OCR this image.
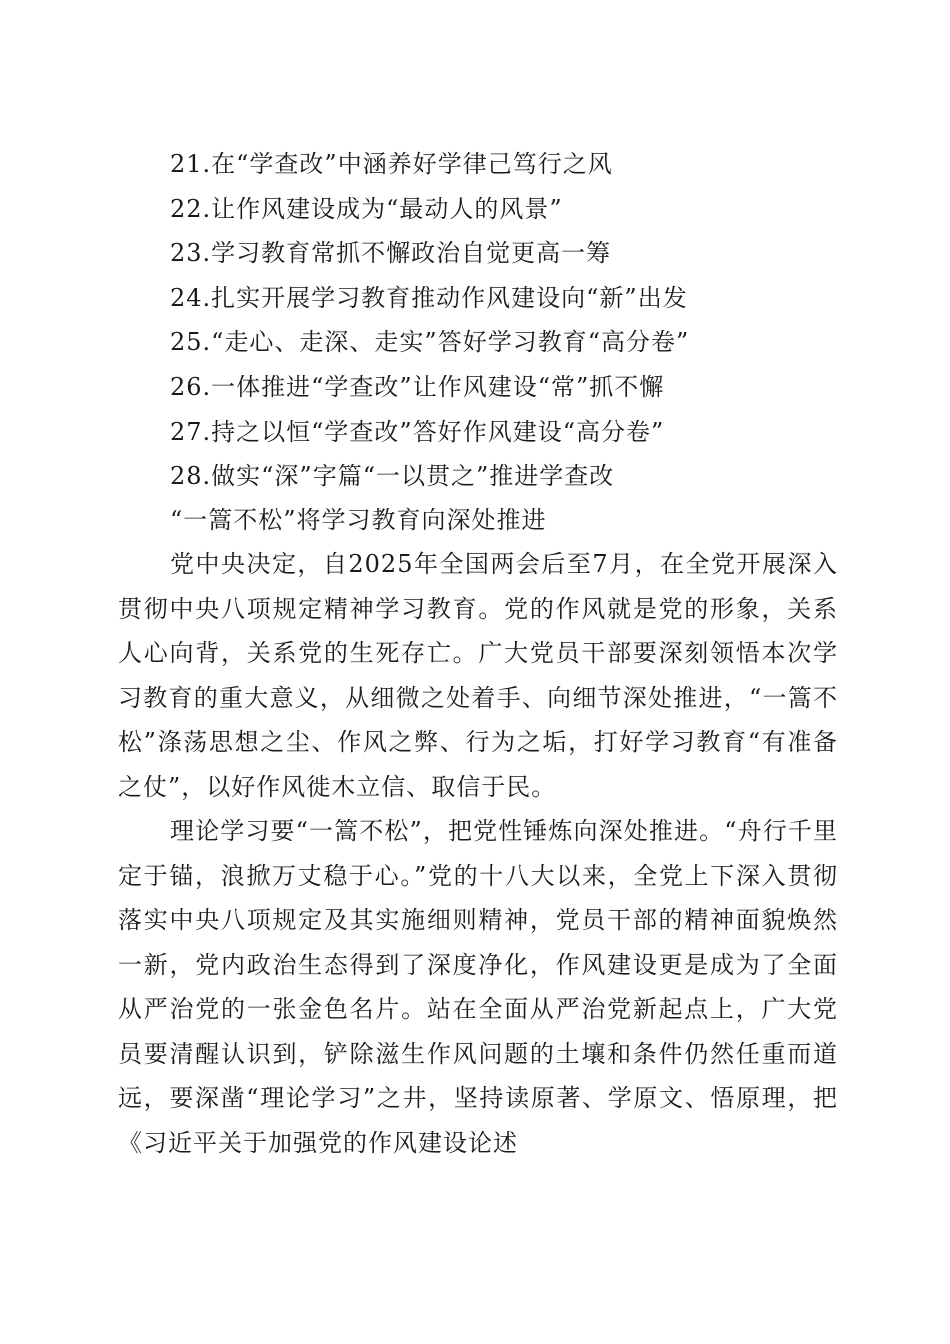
21.在“学查改”中涵养好学律己笃行之风
22.让作风建设成为“最动人的风景”
23.学习教育常抓不懈政治自觉更高一筹
24.扎实开展学习教育推动作风建设向“新”出发
25.“走心、走深、走实”答好学习教育“高分卷”
26.一体推进“学查改”让作风建设“常”抓不懈
27.持之以恒“学查改”答好作风建设“高分卷”
28.做实“深”字篇“一以贯之”推进学查改
“一篙不松”将学习教育向深处推进

党中央决定，自2025年全国两会后至7月，在全党开展深入贯彻中央八项规定精神学习教育。党的作风就是党的形象，关系人心向背，关系党的生死存亡。广大党员干部要深刻领悟本次学习教育的重大意义，从细微之处着手、向细节深处推进，“一篙不松”涤荡思想之尘、作风之弊、行为之垢，打好学习教育“有准备之仗”，以好作风徙木立信、取信于民。

理论学习要“一篙不松”，把党性锤炼向深处推进。“舟行千里定于锚，浪掀万丈稳于心。”党的十八大以来，全党上下深入贯彻落实中央八项规定及其实施细则精神，党员干部的精神面貌焕然一新，党内政治生态得到了深度净化，作风建设更是成为了全面从严治党的一张金色名片。站在全面从严治党新起点上，广大党员要清醒认识到，铲除滋生作风问题的土壤和条件仍然任重而道远，要深凿“理论学习”之井，坚持读原著、学原文、悟原理，把《习近平关于加强党的作风建设论述
